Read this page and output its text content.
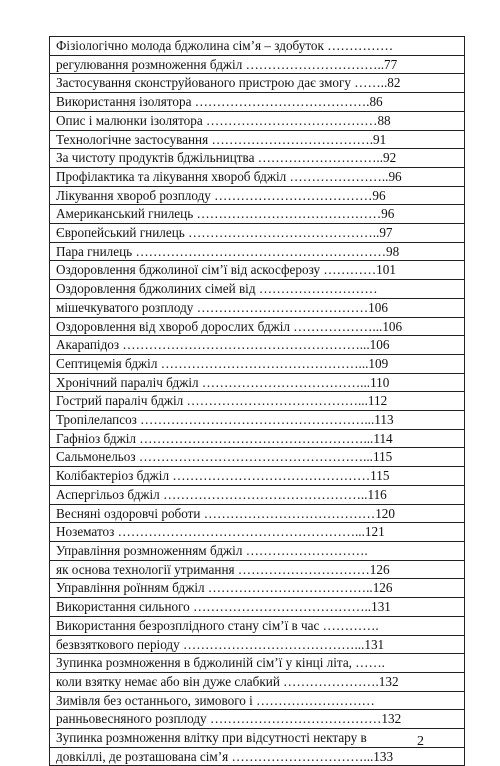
Фізіологічно молода бджолина сім’я – здобуток ……………
регулювання розмноження бджіл …………………………..77
Застосування сконструйованого пристрою дає змогу ……..82
Використання ізолятора ………………………………….86
Опис і малюнки ізолятора …………………………………88
Технологічне застосування ……………………………….91
За чистоту продуктів бджільництва ………………………..92
Профілактика та лікування хвороб бджіл …………………..96
Лікування хвороб розплоду ………………………………96
Американський гнилець ……………………………………96
Європейський гнилець ……………………………………..97
Пара гнилець …………………………………………………98
Оздоровлення бджолиної сім’ї від аскосферозу …………101
Оздоровлення бджолиних сімей від ………………………
мішечкуватого розплоду …………………………………106
Оздоровлення від хвороб дорослих бджіл ………………...106
Акарапідоз ………………………………………………...106
Септицемія бджіл ………………………………………...109
Хронічний параліч бджіл ………………………………...110
Гострий параліч бджіл …………………………………...112
Тропілелапсоз ……………………………………………...113
Гафніоз бджіл ……………………………………………...114
Сальмонельоз ……………………………………………...115
Колібактеріоз бджіл ………………………………………115
Аспергільоз бджіл ………………………………………..116
Весняні оздоровчі роботи …………………………………120
Нозематоз ………………………………………………...121
Управління розмноженням бджіл ……………………….
як основа технології утримання …………………………126
Управління роїнням бджіл ………………………………..126
Використання сильного …………………………………..131
Використання безрозплідного стану сім’ї в час ………….
безвзяткового періоду …………………………………...131
Зупинка розмноження в бджолиній сім’ї у кінці літа, …….
коли взятку немає або він дуже слабкий ………………….132
Зимівля без останнього, зимового і ………………………
ранньовесняного розплоду …………………………………132
Зупинка розмноження влітку при відсутності нектару в
довкіллі, де розташована сім’я …………………………...133
2
